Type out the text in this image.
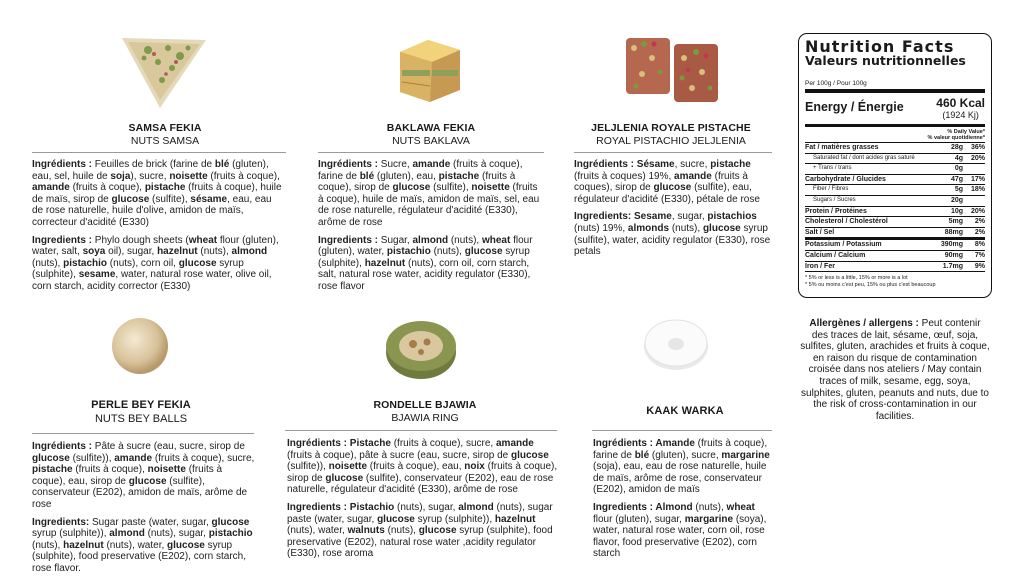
SAMSA FEKIA
NUTS SAMSA

Ingrédients : Feuilles de brick (farine de blé (gluten), eau, sel, huile de soja), sucre, noisette (fruits à coque), amande (fruits à coque), pistache (fruits à coque), huile de maïs, sirop de glucose (sulfite), sésame, eau, eau de rose naturelle, huile d'olive, amidon de maïs, correcteur d'acidité (E330)

Ingredients : Phylo dough sheets (wheat flour (gluten), water, salt, soya oil), sugar, hazelnut (nuts), almond (nuts), pistachio (nuts), corn oil, glucose syrup (sulphite), sesame, water, natural rose water, olive oil, corn starch, acidity corrector (E330)

BAKLAWA FEKIA
NUTS BAKLAVA

Ingrédients : Sucre, amande (fruits à coque), farine de blé (gluten), eau, pistache (fruits à coque), sirop de glucose (sulfite), noisette (fruits à coque), huile de maïs, amidon de maïs, sel, eau de rose naturelle, régulateur d'acidité (E330), arôme de rose

Ingredients : Sugar, almond (nuts), wheat flour (gluten), water, pistachio (nuts), glucose syrup (sulphite), hazelnut (nuts), corn oil, corn starch, salt, natural rose water, acidity regulator (E330), rose flavor

JELJLENIA ROYALE PISTACHE
ROYAL PISTACHIO JELJLENIA

Ingrédients : Sésame, sucre, pistache (fruits à coques) 19%, amande (fruits à coques), sirop de glucose (sulfite), eau, régulateur d'acidité (E330), pétale de rose

Ingredients: Sesame, sugar, pistachios (nuts) 19%, almonds (nuts), glucose syrup (sulfite), water, acidity regulator (E330), rose petals

PERLE BEY FEKIA
NUTS BEY BALLS

Ingrédients : Pâte à sucre (eau, sucre, sirop de glucose (sulfite)), amande (fruits à coque), sucre, pistache (fruits à coque), noisette (fruits à coque), eau, sirop de glucose (sulfite), conservateur (E202), amidon de maïs, arôme de rose

Ingredients: Sugar paste (water, sugar, glucose syrup (sulphite)), almond (nuts), sugar, pistachio (nuts), hazelnut (nuts), water, glucose syrup (sulphite), food preservative (E202), corn starch, rose flavor.

RONDELLE BJAWIA
BJAWIA RING

Ingrédients : Pistache (fruits à coque), sucre, amande (fruits à coque), pâte à sucre (eau, sucre, sirop de glucose (sulfite)), noisette (fruits à coque), eau, noix (fruits à coque), sirop de glucose (sulfite), conservateur (E202), eau de rose naturelle, régulateur d'acidité (E330), arôme de rose

Ingredients : Pistachio (nuts), sugar, almond (nuts), sugar paste (water, sugar, glucose syrup (sulphite)), hazelnut (nuts), water, walnuts (nuts), glucose syrup (sulphite), food preservative (E202), natural rose water ,acidity regulator (E330), rose aroma

KAAK WARKA

Ingrédients : Amande (fruits à coque), farine de blé (gluten), sucre, margarine (soja), eau, eau de rose naturelle, huile de maïs, arôme de rose, conservateur (E202), amidon de maïs

Ingredients : Almond (nuts), wheat flour (gluten), sugar, margarine (soya), water, natural rose water, corn oil, rose flavor, food preservative (E202), corn starch

Nutrition Facts
Valeurs nutritionnelles
Per 100g / Pour 100g
Energy / Énergie	460 Kcal
(1924 Kj)
% Daily Value*
% valeur quotidienne*
Fat / matières grasses	28g	36%
Saturated fat / dont acides gras saturé	4g	20%
+ Trans / trans	0g
Carbohydrate / Glucides	47g	17%
Fiber / Fibres	5g	18%
Sugars / Sucres	20g
Protein / Protéines	10g	20%
Cholesterol / Cholestérol	5mg	2%
Salt / Sel	88mg	2%
Potassium / Potassium	390mg	8%
Calcium / Calcium	90mg	7%
Iron / Fer	1.7mg	9%
* 5% or less is a little, 15% or more is a lot
* 5% ou moins c'est peu, 15% ou plus c'est beaucoup
Allergènes / allergens : Peut contenir des traces de lait, sésame, œuf, soja, sulfites, gluten, arachides et fruits à coque, en raison du risque de contamination croisée dans nos ateliers / May contain traces of milk, sesame, egg, soya, sulphites, gluten, peanuts and nuts, due to the risk of cross-contamination in our facilities.
